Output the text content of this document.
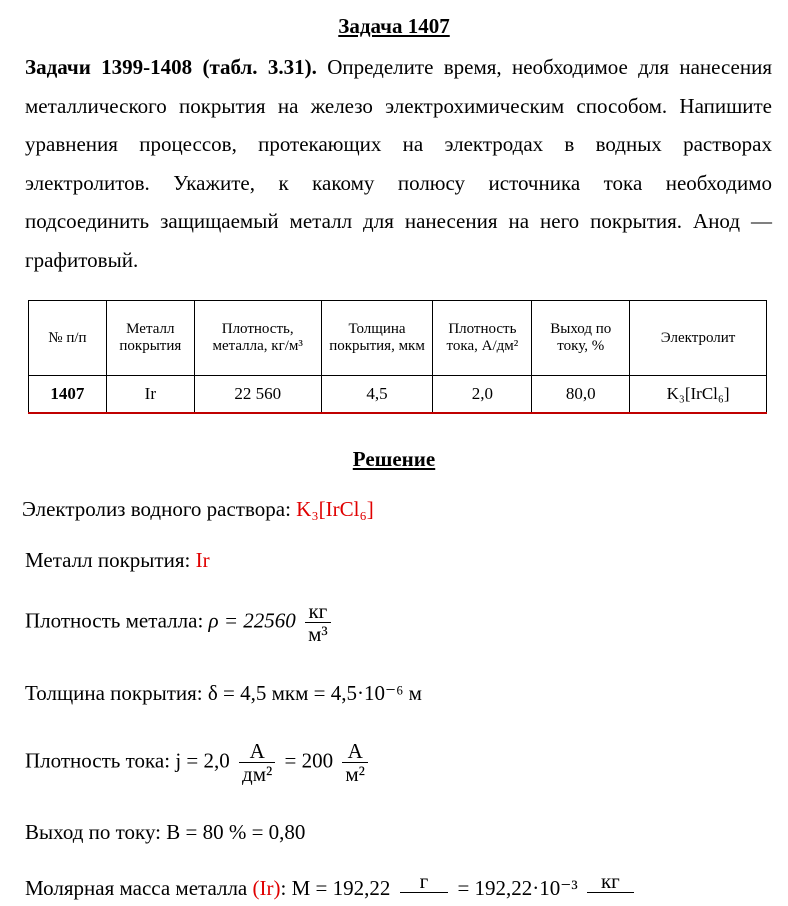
Задача 1407
Задачи 1399-1408 (табл. 3.31). Определите время, необходимое для нанесения металлического покрытия на железо электрохимическим способом. Напишите уравнения процессов, протекающих на электродах в водных растворах электролитов. Укажите, к какому полюсу источника тока необходимо подсоединить защищаемый металл для нанесения на него покрытия. Анод — графитовый.
№ п/п	Металл покрытия	Плотность, металла, кг/м³	Толщина покрытия, мкм	Плотность тока, А/дм²	Выход по току, %	Электролит
1407	Ir	22 560	4,5	2,0	80,0	K₃[IrCl₆]
Решение
Электролиз водного раствора: K₃[IrCl₆]
Металл покрытия: Ir
Плотность металла: $\rho = 22560 \frac{кг}{\text{м³}}$
Толщина покрытия: δ = 4,5 мкм = 4,5·10⁻⁶ м
Плотность тока: $j = 2,0 \frac{А}{\text{дм²}} = 200 \frac{А}{\text{м²}}$
Выход по току: B = 80 % = 0,80
Молярная масса металла (Ir): M = 192,22	г	= 192,22·10⁻³	кг
